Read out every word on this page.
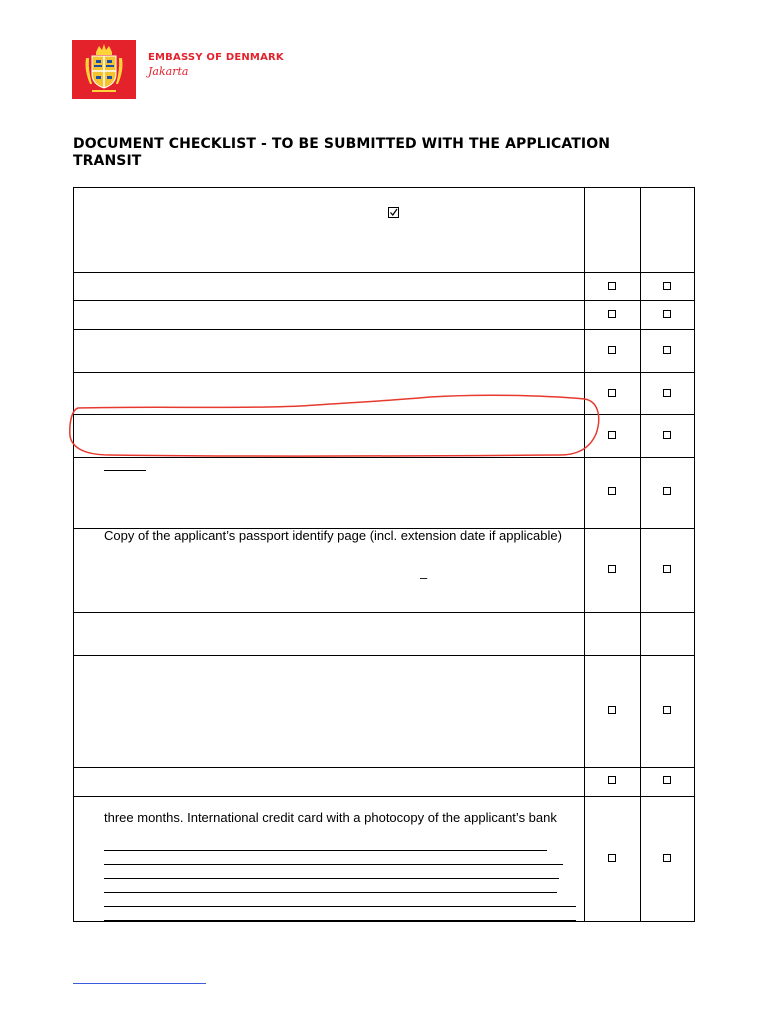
EMBASSY OF DENMARK
Jakarta
DOCUMENT CHECKLIST - TO BE SUBMITTED WITH THE APPLICATION
TRANSIT
Copy of the applicant’s passport identify page (incl. extension date if applicable)
–
three months. International credit card with a photocopy of the applicant’s bank
